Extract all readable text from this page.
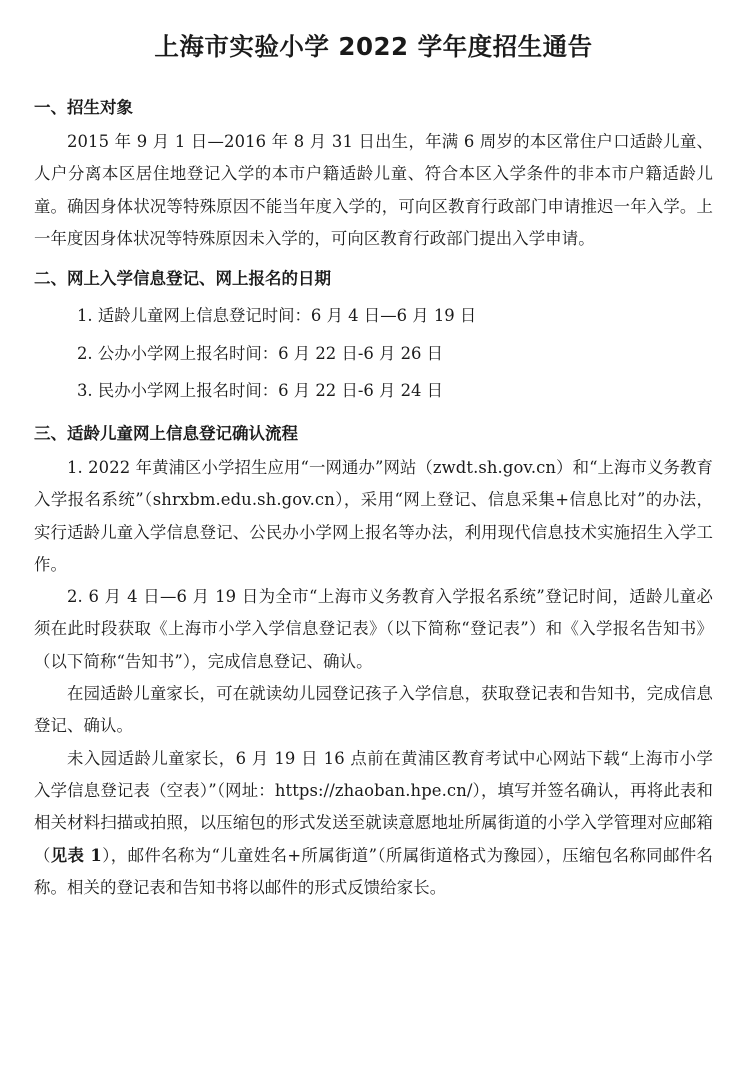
上海市实验小学 2022 学年度招生通告
一、招生对象

2015 年 9 月 1 日—2016 年 8 月 31 日出生，年满 6 周岁的本区常住户口适龄儿童、人户分离本区居住地登记入学的本市户籍适龄儿童、符合本区入学条件的非本市户籍适龄儿童。确因身体状况等特殊原因不能当年度入学的，可向区教育行政部门申请推迟一年入学。上一年度因身体状况等特殊原因未入学的，可向区教育行政部门提出入学申请。

二、网上入学信息登记、网上报名的日期

1. 适龄儿童网上信息登记时间：6 月 4 日—6 月 19 日

2. 公办小学网上报名时间：6 月 22 日-6 月 26 日

3. 民办小学网上报名时间：6 月 22 日-6 月 24 日

三、适龄儿童网上信息登记确认流程

1. 2022 年黄浦区小学招生应用“一网通办”网站（zwdt.sh.gov.cn）和“上海市义务教育入学报名系统”（shrxbm.edu.sh.gov.cn），采用“网上登记、信息采集+信息比对”的办法，实行适龄儿童入学信息登记、公民办小学网上报名等办法，利用现代信息技术实施招生入学工作。

2. 6 月 4 日—6 月 19 日为全市“上海市义务教育入学报名系统”登记时间，适龄儿童必须在此时段获取《上海市小学入学信息登记表》（以下简称“登记表”）和《入学报名告知书》（以下简称“告知书”），完成信息登记、确认。

在园适龄儿童家长，可在就读幼儿园登记孩子入学信息，获取登记表和告知书，完成信息登记、确认。

未入园适龄儿童家长，6 月 19 日 16 点前在黄浦区教育考试中心网站下载“上海市小学入学信息登记表（空表）”（网址：https://zhaoban.hpe.cn/），填写并签名确认，再将此表和相关材料扫描或拍照，以压缩包的形式发送至就读意愿地址所属街道的小学入学管理对应邮箱（见表 1），邮件名称为“儿童姓名+所属街道”（所属街道格式为豫园），压缩包名称同邮件名称。相关的登记表和告知书将以邮件的形式反馈给家长。
